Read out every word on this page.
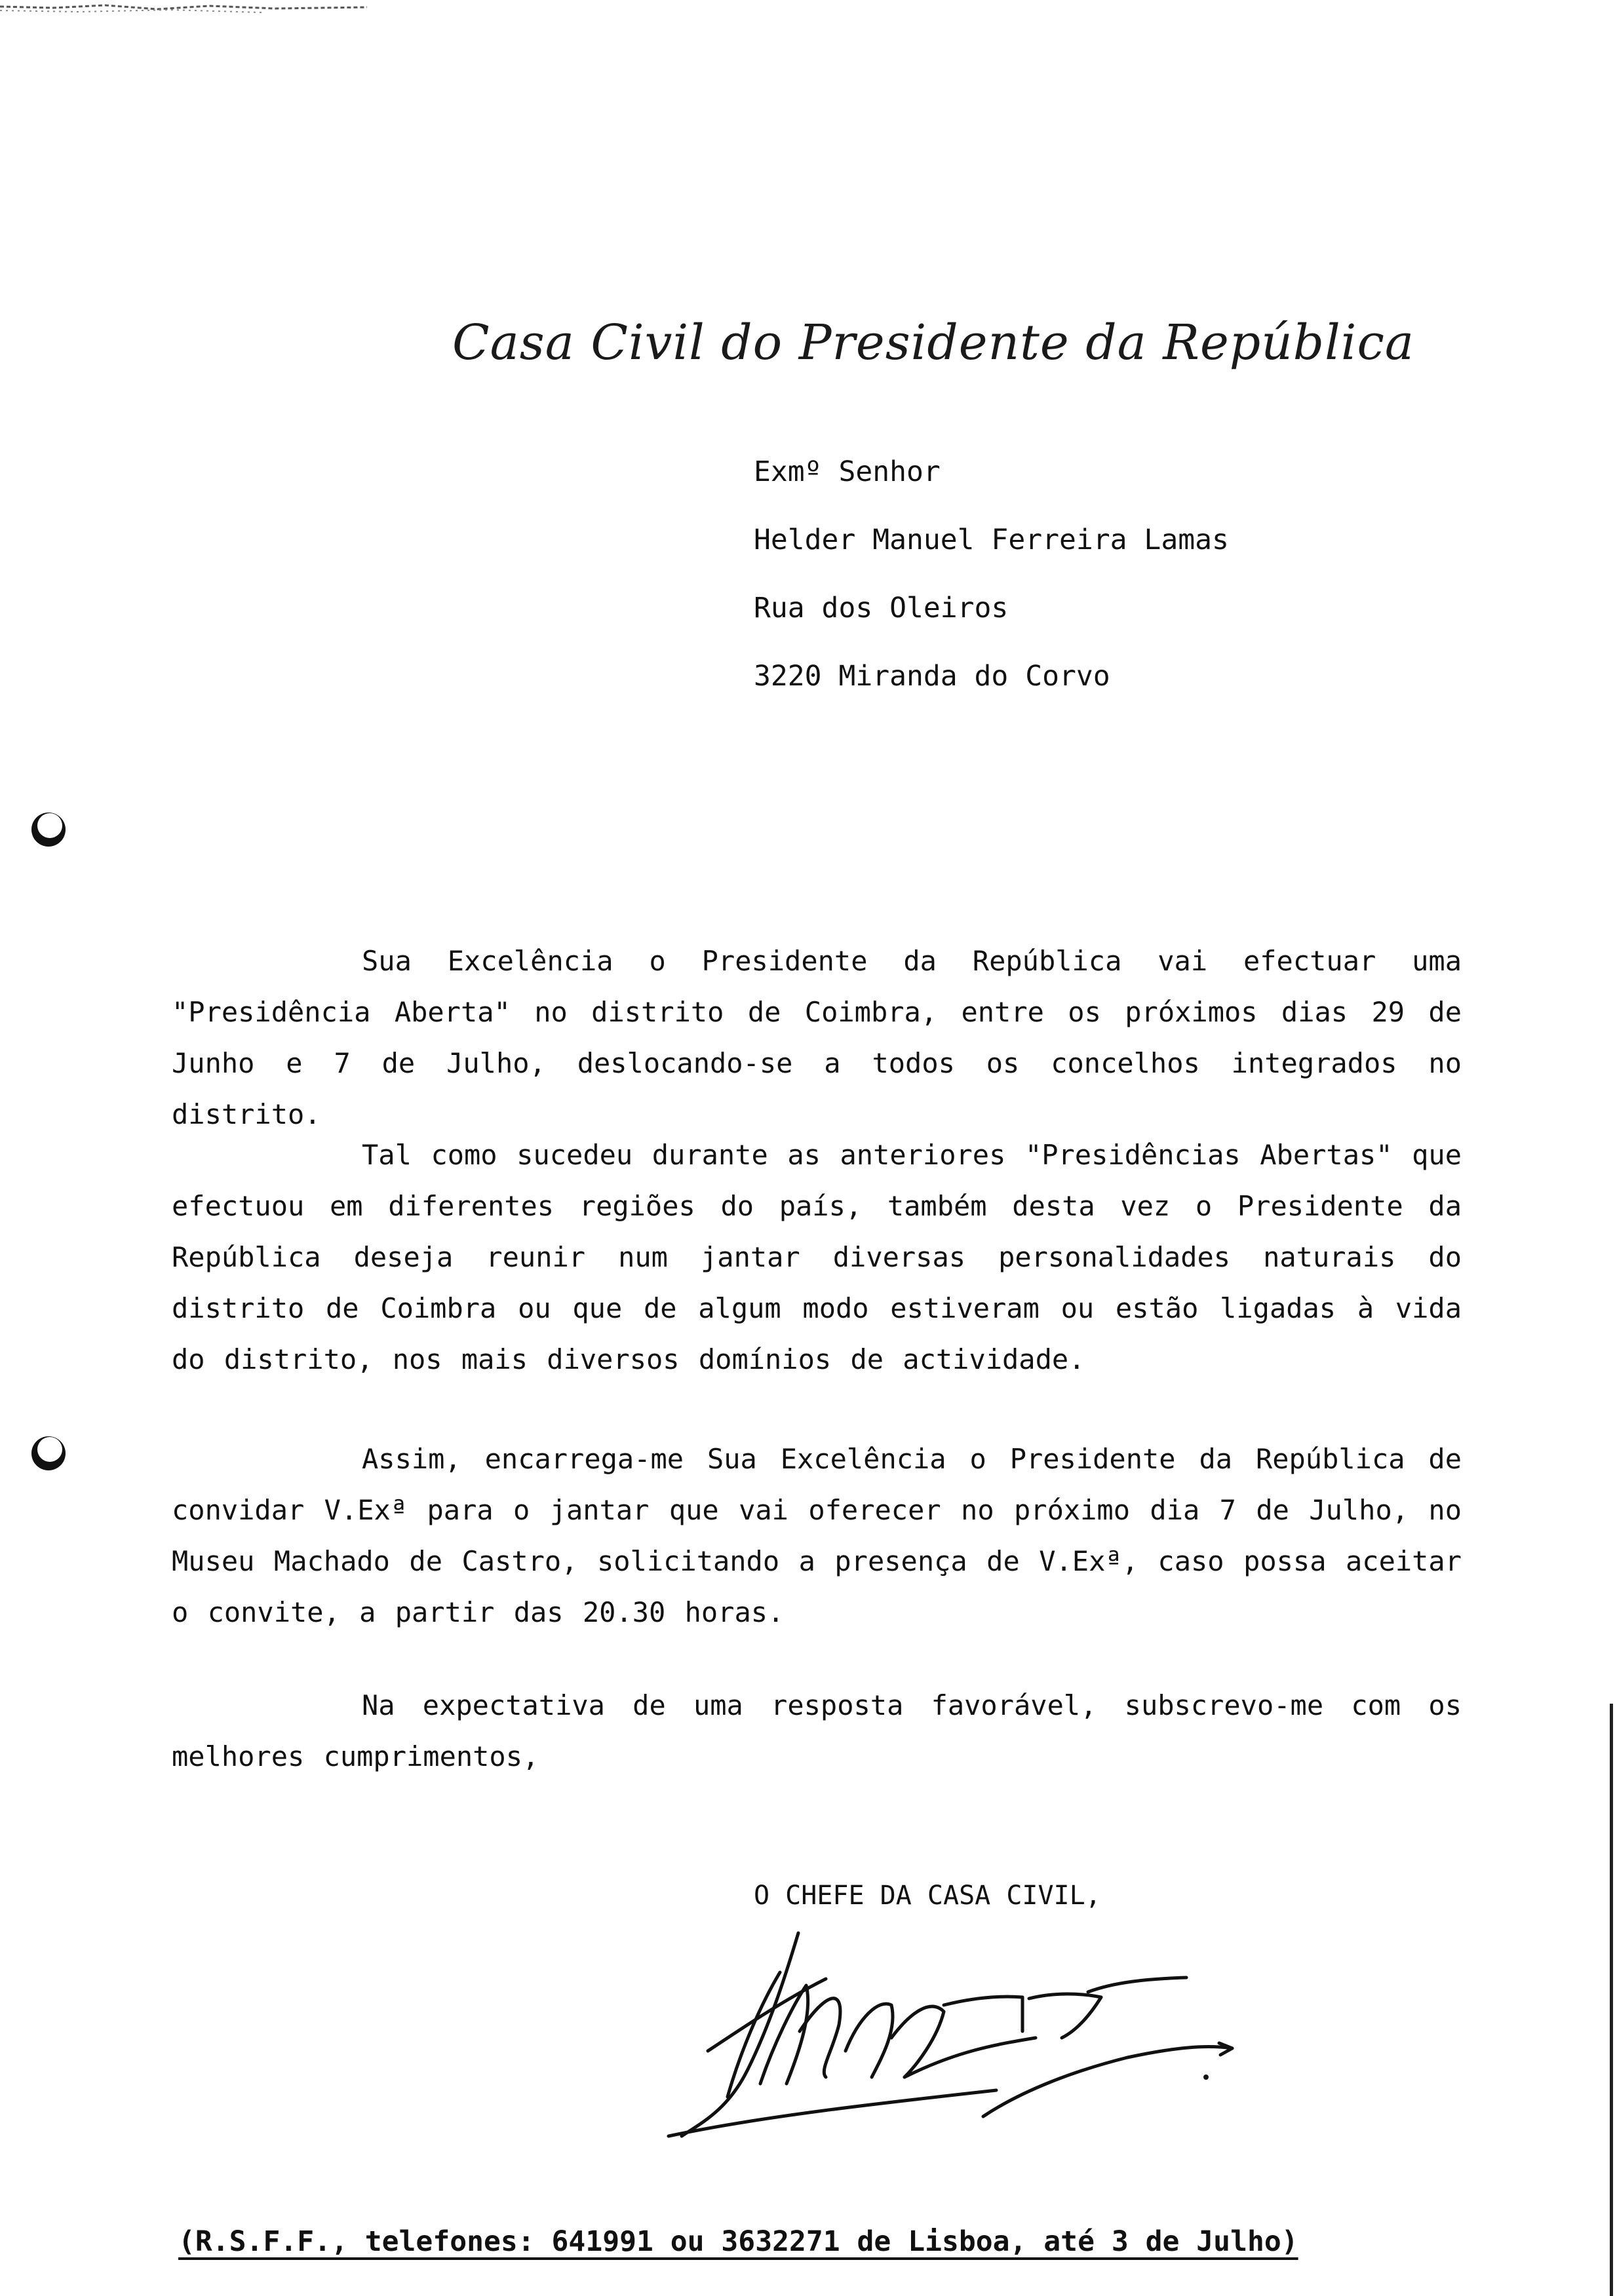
Casa Civil do Presidente da República
Exmº Senhor
Helder Manuel Ferreira Lamas
Rua dos Oleiros
3220 Miranda do Corvo
Sua Excelência o Presidente da República vai efectuar uma "Presidência Aberta" no distrito de Coimbra, entre os próximos dias 29 de Junho e 7 de Julho, deslocando-se a todos os concelhos integrados no distrito.
Tal como sucedeu durante as anteriores "Presidências Abertas" que efectuou em diferentes regiões do país, também desta vez o Presidente da República deseja reunir num jantar diversas personalidades naturais do distrito de Coimbra ou que de algum modo estiveram ou estão ligadas à vida do distrito, nos mais diversos domínios de actividade.
Assim, encarrega-me Sua Excelência o Presidente da República de convidar V.Exª para o jantar que vai oferecer no próximo dia 7 de Julho, no Museu Machado de Castro, solicitando a presença de V.Exª, caso possa aceitar o convite, a partir das 20.30 horas.
Na expectativa de uma resposta favorável, subscrevo-me com os melhores cumprimentos,
O CHEFE DA CASA CIVIL,
(R.S.F.F., telefones: 641991 ou 3632271 de Lisboa, até 3 de Julho)
